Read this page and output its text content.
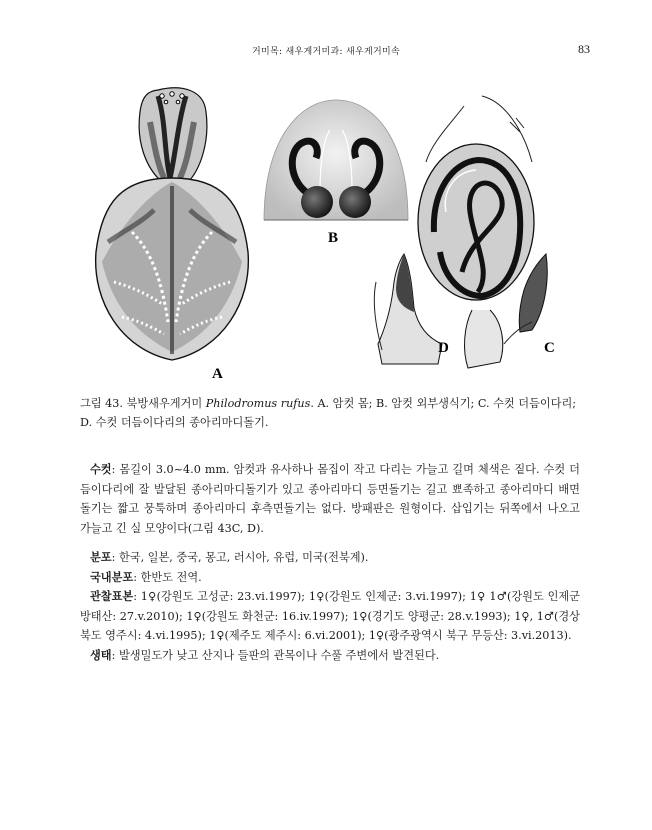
거미목: 새우게거미과: 새우게거미속	83
A
B
C
D
그림 43. 북방새우게거미 Philodromus rufus. A. 암컷 몸; B. 암컷 외부생식기; C. 수컷 더듬이다리; D. 수컷 더듬이다리의 종아리마디돌기.
수컷: 몸길이 3.0~4.0 mm. 암컷과 유사하나 몸집이 작고 다리는 가늘고 길며 체색은 짙다. 수컷 더듬이다리에 잘 발달된 종아리마디돌기가 있고 종아리마디 등면돌기는 길고 뾰족하고 종아리마디 배면돌기는 짧고 뭉툭하며 종아리마디 후측면돌기는 없다. 방패판은 원형이다. 삽입기는 뒤쪽에서 나오고 가늘고 긴 실 모양이다(그림 43C, D).
분포: 한국, 일본, 중국, 몽고, 러시아, 유럽, 미국(전북계).
국내분포: 한반도 전역.
관찰표본: 1♀(강원도 고성군: 23.vi.1997); 1♀(강원도 인제군: 3.vi.1997); 1♀ 1♂(강원도 인제군 방태산: 27.v.2010); 1♀(강원도 화천군: 16.iv.1997); 1♀(경기도 양평군: 28.v.1993); 1♀, 1♂(경상북도 영주시: 4.vi.1995); 1♀(제주도 제주시: 6.vi.2001); 1♀(광주광역시 북구 무등산: 3.vi.2013).
생태: 발생밀도가 낮고 산지나 들판의 관목이나 수풀 주변에서 발견된다.
